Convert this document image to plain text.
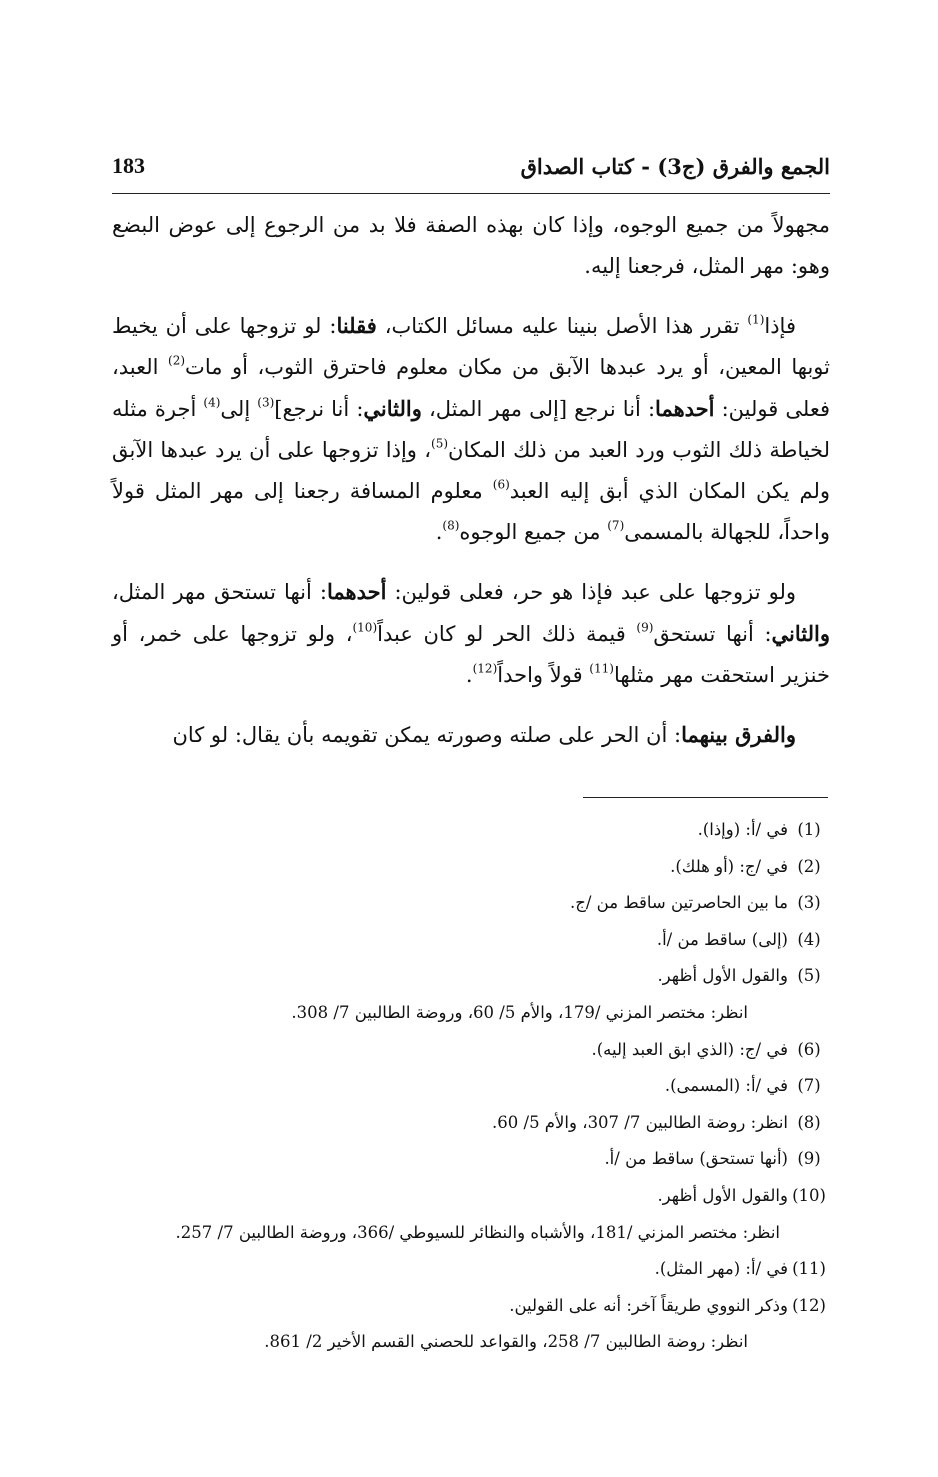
الجمع والفرق (ج3) - كتاب الصداق
183

مجهولاً من جميع الوجوه، وإذا كان بهذه الصفة فلا بد من الرجوع إلى عوض البضع وهو: مهر المثل، فرجعنا إليه.

فإذا$^{(1)}$ تقرر هذا الأصل بنينا عليه مسائل الكتاب، فقلنا: لو تزوجها على أن يخيط ثوبها المعين، أو يرد عبدها الآبق من مكان معلوم فاحترق الثوب، أو مات$^{(2)}$ العبد، فعلى قولين: أحدهما: أنا نرجع [إلى مهر المثل، والثاني: أنا نرجع]$^{(3)}$ إلى$^{(4)}$ أجرة مثله لخياطة ذلك الثوب ورد العبد من ذلك المكان$^{(5)}$، وإذا تزوجها على أن يرد عبدها الآبق ولم يكن المكان الذي أبق إليه العبد$^{(6)}$ معلوم المسافة رجعنا إلى مهر المثل قولاً واحداً، للجهالة بالمسمى$^{(7)}$ من جميع الوجوه$^{(8)}$.

ولو تزوجها على عبد فإذا هو حر، فعلى قولين: أحدهما: أنها تستحق مهر المثل، والثاني: أنها تستحق$^{(9)}$ قيمة ذلك الحر لو كان عبداً$^{(10)}$، ولو تزوجها على خمر، أو خنزير استحقت مهر مثلها$^{(11)}$ قولاً واحداً$^{(12)}$.

والفرق بينهما: أن الحر على صلته وصورته يمكن تقويمه بأن يقال: لو كان

(1)
في /أ: (وإذا).
(2)
في /ج: (أو هلك).
(3)
ما بين الحاصرتين ساقط من /ج.
(4)
(إلى) ساقط من /أ.
(5)
والقول الأول أظهر.
انظر: مختصر المزني /179، والأم 5/ 60، وروضة الطالبين 7/ 308.
(6)
في /ج: (الذي ابق العبد إليه).
(7)
في /أ: (المسمى).
(8)
انظر: روضة الطالبين 7/ 307، والأم 5/ 60.
(9)
(أنها تستحق) ساقط من /أ.
(10)
والقول الأول أظهر.
انظر: مختصر المزني /181، والأشباه والنظائر للسيوطي /366، وروضة الطالبين 7/ 257.
(11)
في /أ: (مهر المثل).
(12)
وذكر النووي طريقاً آخر: أنه على القولين.
انظر: روضة الطالبين 7/ 258، والقواعد للحصني القسم الأخير 2/ 861.
